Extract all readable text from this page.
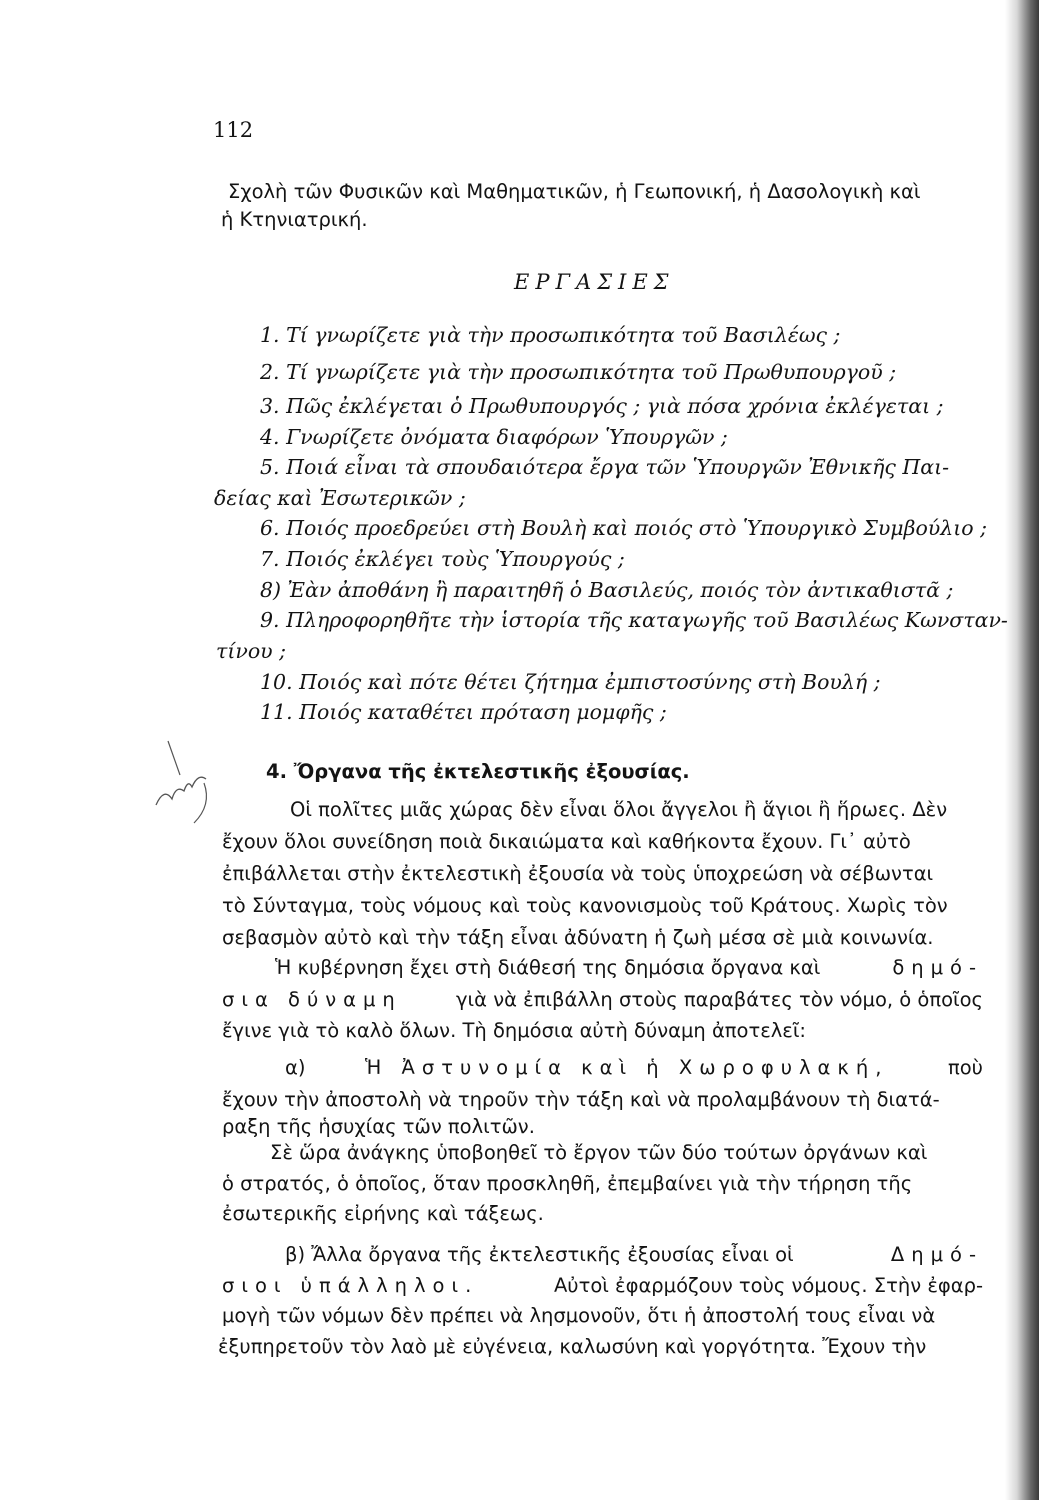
112
Σχολὴ τῶν Φυσικῶν καὶ Μαθηματικῶν, ἡ Γεωπονική, ἡ Δασολογικὴ καὶ
ἡ Κτηνιατρική.
ΕΡΓΑΣΙΕΣ
1. Τί γνωρίζετε γιὰ τὴν προσωπικότητα τοῦ Βασιλέως ;
2. Τί γνωρίζετε γιὰ τὴν προσωπικότητα τοῦ Πρωθυπουργοῦ ;
3. Πῶς ἐκλέγεται ὁ Πρωθυπουργός ; γιὰ πόσα χρόνια ἐκλέγεται ;
4. Γνωρίζετε ὀνόματα διαφόρων Ὑπουργῶν ;
5. Ποιά εἶναι τὰ σπουδαιότερα ἔργα τῶν Ὑπουργῶν Ἐθνικῆς Παι-
δείας καὶ Ἐσωτερικῶν ;
6. Ποιός προεδρεύει στὴ Βουλὴ καὶ ποιός στὸ Ὑπουργικὸ Συμβούλιο ;
7. Ποιός ἐκλέγει τοὺς Ὑπουργούς ;
8) Ἐὰν ἀποθάνη ἢ παραιτηθῆ ὁ Βασιλεύς, ποιός τὸν ἀντικαθιστᾶ ;
9. Πληροφορηθῆτε τὴν ἱστορία τῆς καταγωγῆς τοῦ Βασιλέως Κωνσταν-
τίνου ;
10. Ποιός καὶ πότε θέτει ζήτημα ἐμπιστοσύνης στὴ Βουλή ;
11. Ποιός καταθέτει πρόταση μομφῆς ;
4. Ὄργανα τῆς ἐκτελεστικῆς ἐξουσίας.
Οἱ πολῖτες μιᾶς χώρας δὲν εἶναι ὅλοι ἄγγελοι ἢ ἅγιοι ἢ ἥρωες. Δὲν
ἔχουν ὅλοι συνείδηση ποιὰ δικαιώματα καὶ καθήκοντα ἔχουν. Γι᾽ αὐτὸ
ἐπιβάλλεται στὴν ἐκτελεστικὴ ἐξουσία νὰ τοὺς ὑποχρεώση νὰ σέβωνται
τὸ Σύνταγμα, τοὺς νόμους καὶ τοὺς κανονισμοὺς τοῦ Κράτους. Χωρὶς τὸν
σεβασμὸν αὐτὸ καὶ τὴν τάξη εἶναι ἀδύνατη ἡ ζωὴ μέσα σὲ μιὰ κοινωνία.
Ἡ κυβέρνηση ἔχει στὴ διάθεσή της δημόσια ὄργανα καὶ	δημό-
σια δύναμη	γιὰ νὰ ἐπιβάλλη στοὺς παραβάτες τὸν νόμο, ὁ ὁποῖος
ἔγινε γιὰ τὸ καλὸ ὅλων. Τὴ δημόσια αὐτὴ δύναμη ἀποτελεῖ:
α)	Ἡ Ἀστυνομία καὶ ἡ Χωροφυλακή,	ποὺ
ἔχουν τὴν ἀποστολὴ νὰ τηροῦν τὴν τάξη καὶ νὰ προλαμβάνουν τὴ διατά-
ραξη τῆς ἡσυχίας τῶν πολιτῶν.
Σὲ ὥρα ἀνάγκης ὑποβοηθεῖ τὸ ἔργον τῶν δύο τούτων ὀργάνων καὶ
ὁ στρατός, ὁ ὁποῖος, ὅταν προσκληθῆ, ἐπεμβαίνει γιὰ τὴν τήρηση τῆς
ἐσωτερικῆς εἰρήνης καὶ τάξεως.
β) Ἄλλα ὄργανα τῆς ἐκτελεστικῆς ἐξουσίας εἶναι οἱ	Δημό-
σιοι ὑπάλληλοι.	Αὐτοὶ ἐφαρμόζουν τοὺς νόμους. Στὴν ἐφαρ-
μογὴ τῶν νόμων δὲν πρέπει νὰ λησμονοῦν, ὅτι ἡ ἀποστολή τους εἶναι νὰ
ἐξυπηρετοῦν τὸν λαὸ μὲ εὐγένεια, καλωσύνη καὶ γοργότητα. Ἔχουν τὴν
